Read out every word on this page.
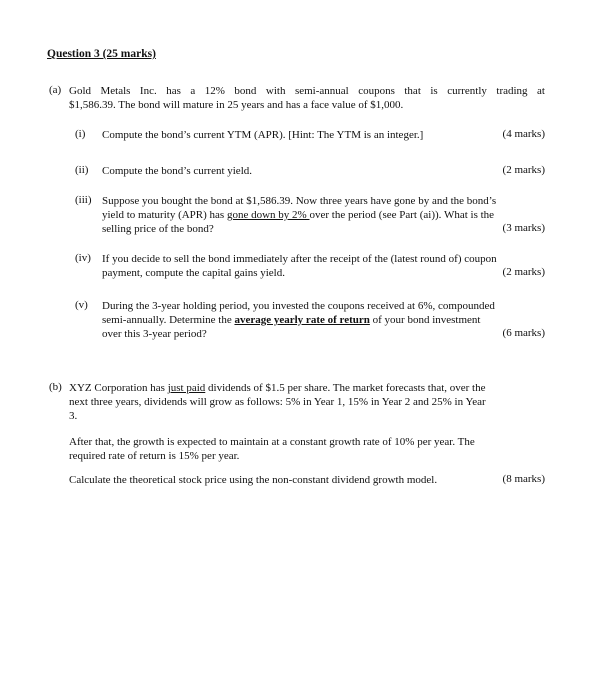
Question 3 (25 marks)
(a) Gold Metals Inc. has a 12% bond with semi-annual coupons that is currently trading at
$1,586.39. The bond will mature in 25 years and has a face value of $1,000.
(i) Compute the bond’s current YTM (APR). [Hint: The YTM is an integer.]	(4 marks)
(ii) Compute the bond’s current yield.	(2 marks)
(iii) Suppose you bought the bond at $1,586.39. Now three years have gone by and the bond’s
yield to maturity (APR) has gone down by 2% over the period (see Part (ai)). What is the
selling price of the bond?	(3 marks)
(iv) If you decide to sell the bond immediately after the receipt of the (latest round of) coupon
payment, compute the capital gains yield.	(2 marks)
(v) During the 3-year holding period, you invested the coupons received at 6%, compounded
semi-annually. Determine the average yearly rate of return of your bond investment
over this 3-year period?	(6 marks)
(b) XYZ Corporation has just paid dividends of $1.5 per share. The market forecasts that, over the
next three years, dividends will grow as follows: 5% in Year 1, 15% in Year 2 and 25% in Year
3.
After that, the growth is expected to maintain at a constant growth rate of 10% per year. The
required rate of return is 15% per year.
Calculate the theoretical stock price using the non-constant dividend growth model.	(8 marks)
